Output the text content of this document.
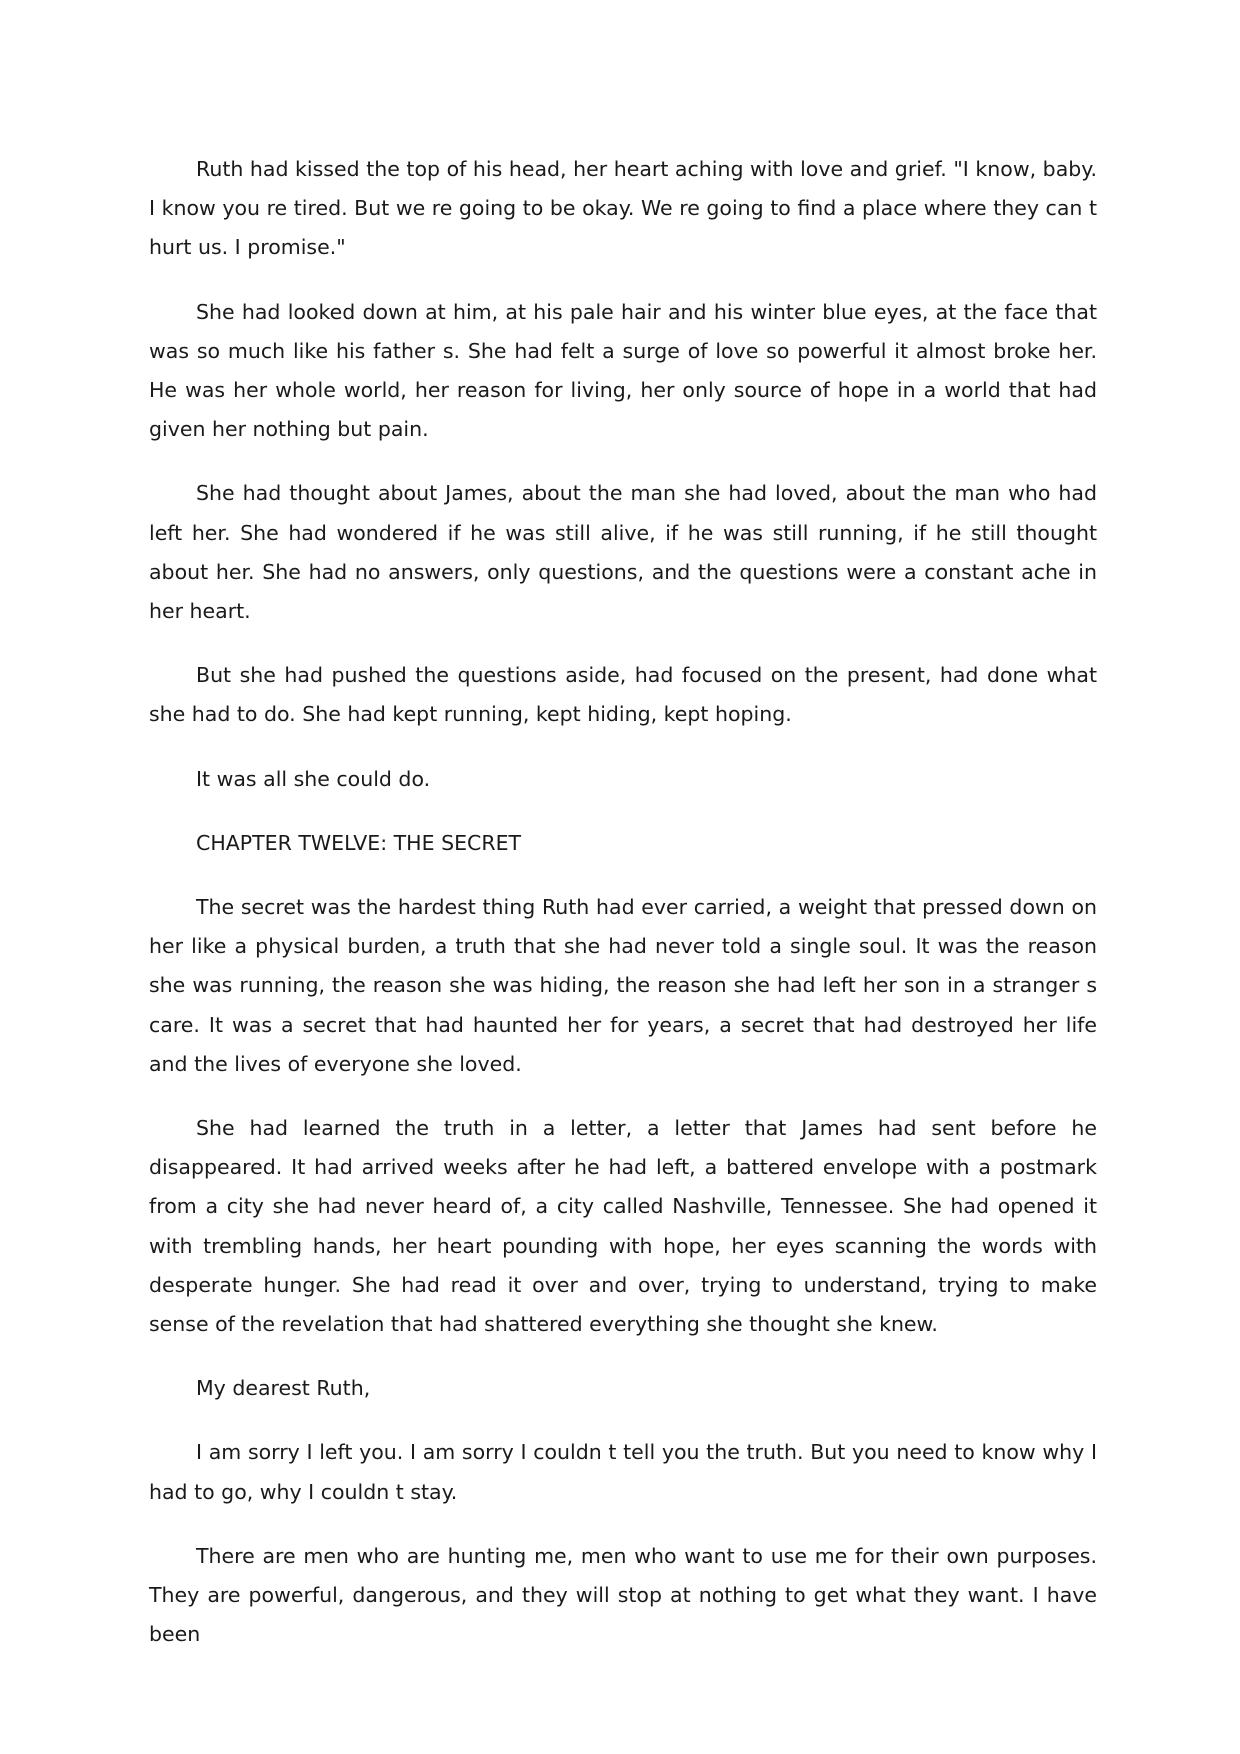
Ruth had kissed the top of his head, her heart aching with love and grief. "I know, baby. I know you re tired. But we re going to be okay. We re going to find a place where they can t hurt us. I promise."

She had looked down at him, at his pale hair and his winter blue eyes, at the face that was so much like his father s. She had felt a surge of love so powerful it almost broke her. He was her whole world, her reason for living, her only source of hope in a world that had given her nothing but pain.

She had thought about James, about the man she had loved, about the man who had left her. She had wondered if he was still alive, if he was still running, if he still thought about her. She had no answers, only questions, and the questions were a constant ache in her heart.

But she had pushed the questions aside, had focused on the present, had done what she had to do. She had kept running, kept hiding, kept hoping.

It was all she could do.

CHAPTER TWELVE: THE SECRET

The secret was the hardest thing Ruth had ever carried, a weight that pressed down on her like a physical burden, a truth that she had never told a single soul. It was the reason she was running, the reason she was hiding, the reason she had left her son in a stranger s care. It was a secret that had haunted her for years, a secret that had destroyed her life and the lives of everyone she loved.

She had learned the truth in a letter, a letter that James had sent before he disappeared. It had arrived weeks after he had left, a battered envelope with a postmark from a city she had never heard of, a city called Nashville, Tennessee. She had opened it with trembling hands, her heart pounding with hope, her eyes scanning the words with desperate hunger. She had read it over and over, trying to understand, trying to make sense of the revelation that had shattered everything she thought she knew.

My dearest Ruth,

I am sorry I left you. I am sorry I couldn t tell you the truth. But you need to know why I had to go, why I couldn t stay.

There are men who are hunting me, men who want to use me for their own purposes. They are powerful, dangerous, and they will stop at nothing to get what they want. I have been
